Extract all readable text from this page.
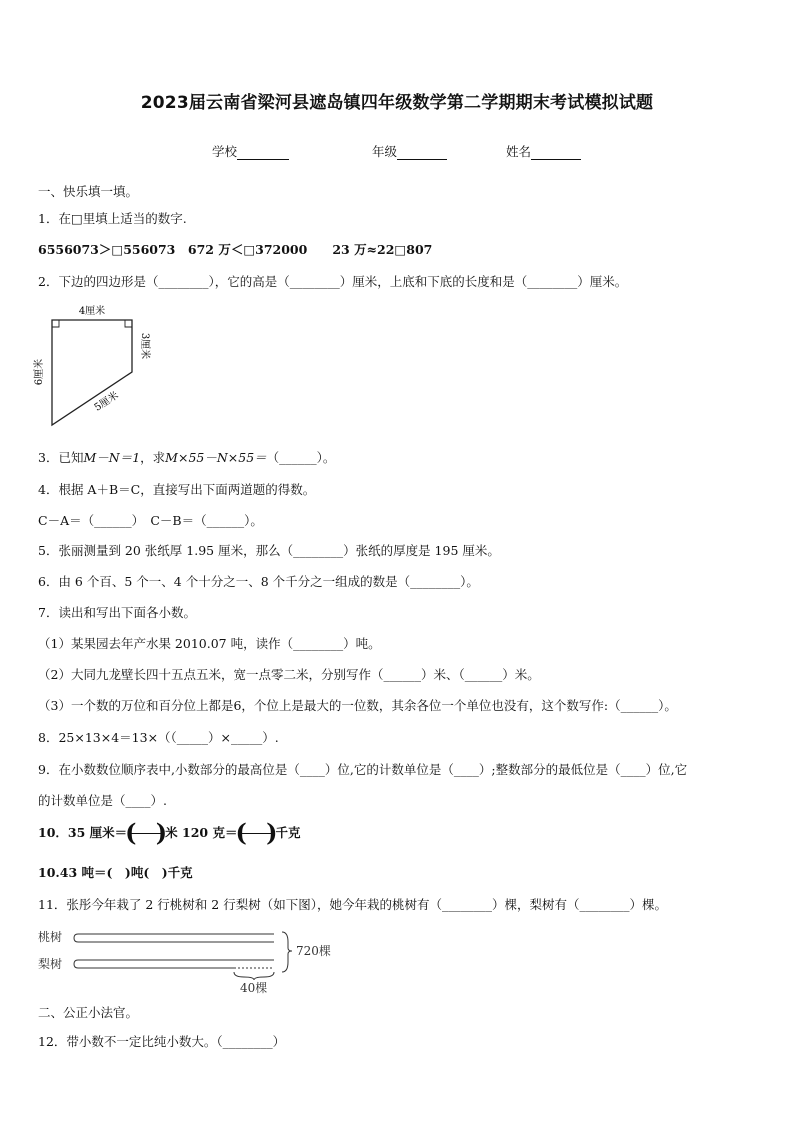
2023届云南省梁河县遮岛镇四年级数学第二学期期末考试模拟试题
学校	年级	姓名
一、快乐填一填。
1．在□里填上适当的数字.
6556073＞□556073　672 万＜□372000　　23 万≈22□807
2．下边的四边形是（________），它的高是（________）厘米，上底和下底的长度和是（________）厘米。
4厘米
3厘米
6厘米
5厘米
3．已知M－N＝1，求M×55－N×55＝（______）。
4．根据 A＋B＝C，直接写出下面两道题的得数。
C－A＝（______）　C－B＝（______）。
5．张丽测量到 20 张纸厚 1.95 厘米，那么（________）张纸的厚度是 195 厘米。
6．由 6 个百、5 个一、4 个十分之一、8 个千分之一组成的数是（________）。
7．读出和写出下面各小数。
（1）某果园去年产水果 2010.07 吨，读作（________）吨。
（2）大同九龙壁长四十五点五米，宽一点零二米，分别写作（______）米、（______）米。
（3）一个数的万位和百分位上都是6，个位上是最大的一位数，其余各位一个单位也没有，这个数写作:（______）。
8．25×13×4＝13×（（_____）×_____）.
9．在小数数位顺序表中,小数部分的最高位是（____）位,它的计数单位是（____）;整数部分的最低位是（____）位,它
的计数单位是（____）.
10．35 厘米＝
( )
米 120 克＝
( )
千克
10.43 吨＝(　)吨(　)千克
11．张彤今年栽了 2 行桃树和 2 行梨树（如下图），她今年栽的桃树有（________）棵，梨树有（________）棵。
桃树
梨树
720棵
40棵
二、公正小法官。
12．带小数不一定比纯小数大。（________）
